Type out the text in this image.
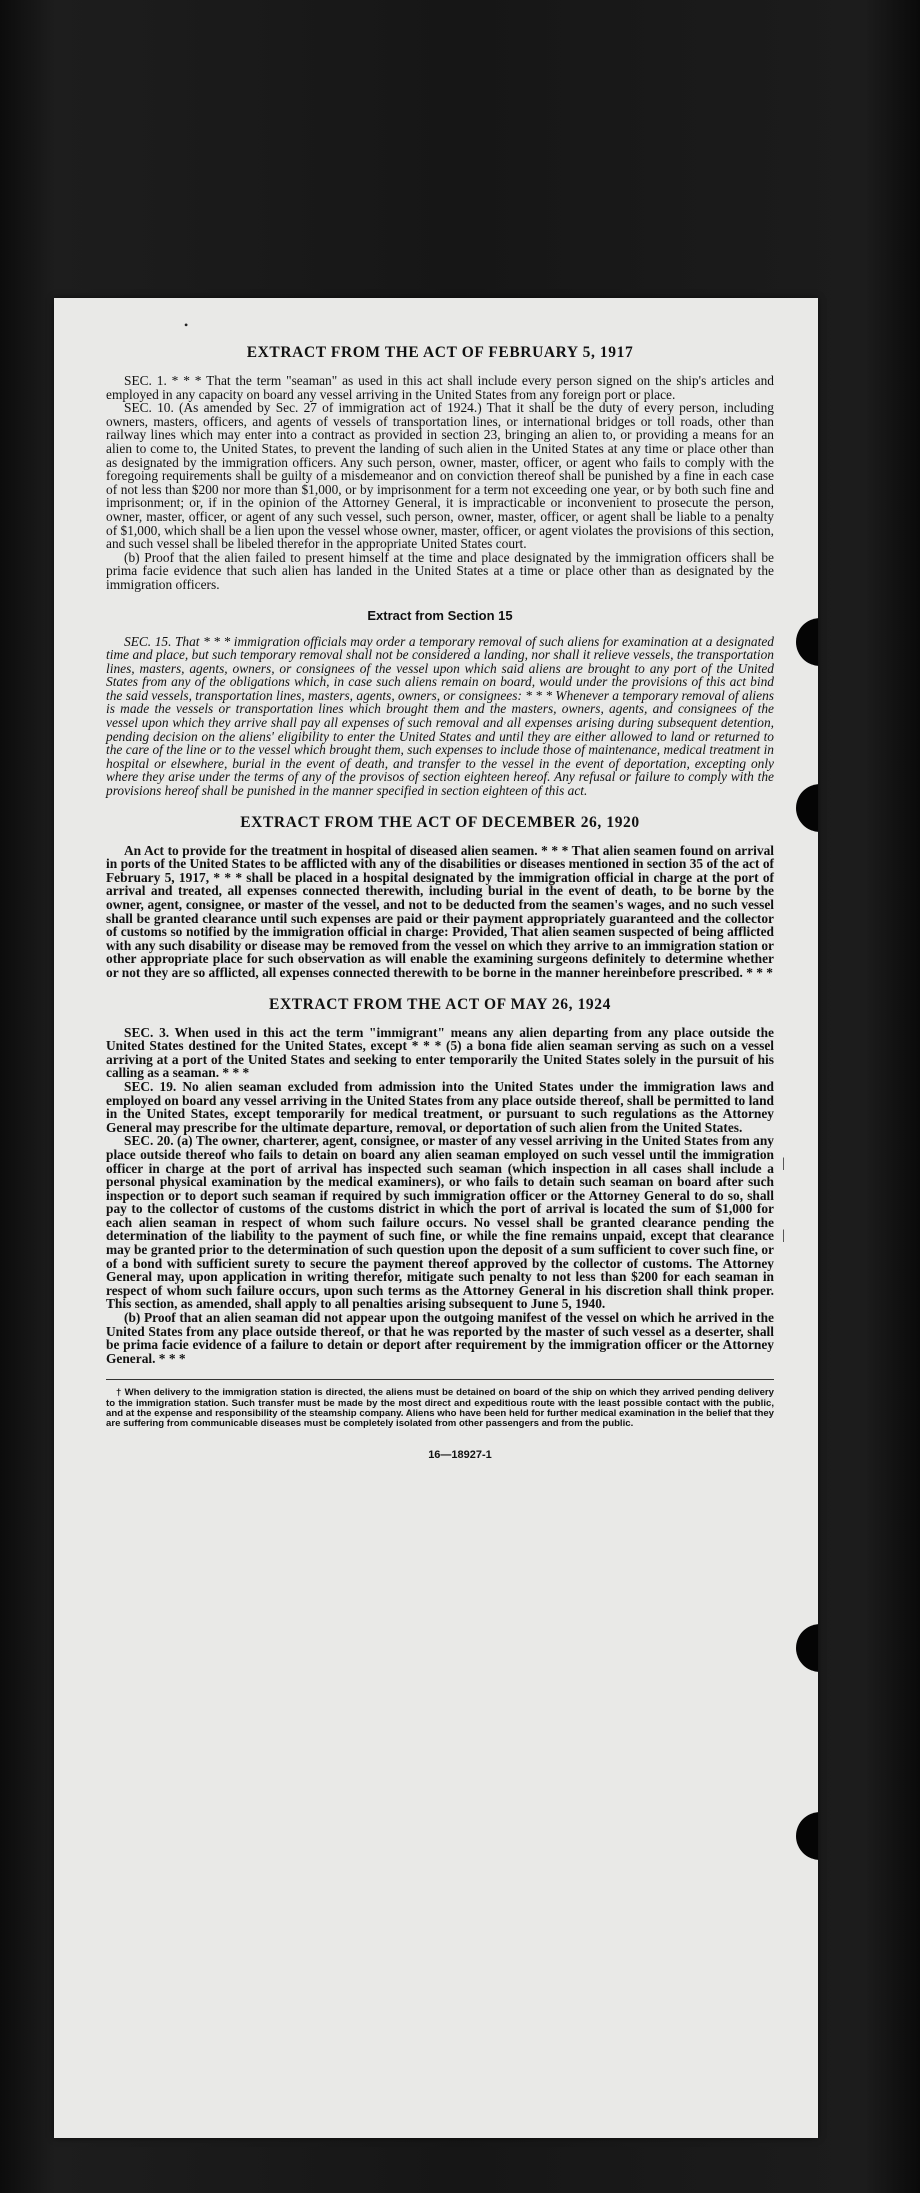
•
EXTRACT FROM THE ACT OF FEBRUARY 5, 1917

SEC. 1. * * * That the term "seaman" as used in this act shall include every person signed on the ship's articles and employed in any capacity on board any vessel arriving in the United States from any foreign port or place.

SEC. 10. (As amended by Sec. 27 of immigration act of 1924.) That it shall be the duty of every person, including owners, masters, officers, and agents of vessels of transportation lines, or international bridges or toll roads, other than railway lines which may enter into a contract as provided in section 23, bringing an alien to, or providing a means for an alien to come to, the United States, to prevent the landing of such alien in the United States at any time or place other than as designated by the immigration officers. Any such person, owner, master, officer, or agent who fails to comply with the foregoing requirements shall be guilty of a misdemeanor and on conviction thereof shall be punished by a fine in each case of not less than $200 nor more than $1,000, or by imprisonment for a term not exceeding one year, or by both such fine and imprisonment; or, if in the opinion of the Attorney General, it is impracticable or inconvenient to prosecute the person, owner, master, officer, or agent of any such vessel, such person, owner, master, officer, or agent shall be liable to a penalty of $1,000, which shall be a lien upon the vessel whose owner, master, officer, or agent violates the provisions of this section, and such vessel shall be libeled therefor in the appropriate United States court.

(b) Proof that the alien failed to present himself at the time and place designated by the immigration officers shall be prima facie evidence that such alien has landed in the United States at a time or place other than as designated by the immigration officers.

Extract from Section 15

SEC. 15. That * * * immigration officials may order a temporary removal of such aliens for examination at a designated time and place, but such temporary removal shall not be considered a landing, nor shall it relieve vessels, the transportation lines, masters, agents, owners, or consignees of the vessel upon which said aliens are brought to any port of the United States from any of the obligations which, in case such aliens remain on board, would under the provisions of this act bind the said vessels, transportation lines, masters, agents, owners, or consignees: * * * Whenever a temporary removal of aliens is made the vessels or transportation lines which brought them and the masters, owners, agents, and consignees of the vessel upon which they arrive shall pay all expenses of such removal and all expenses arising during subsequent detention, pending decision on the aliens' eligibility to enter the United States and until they are either allowed to land or returned to the care of the line or to the vessel which brought them, such expenses to include those of maintenance, medical treatment in hospital or elsewhere, burial in the event of death, and transfer to the vessel in the event of deportation, excepting only where they arise under the terms of any of the provisos of section eighteen hereof. Any refusal or failure to comply with the provisions hereof shall be punished in the manner specified in section eighteen of this act.

EXTRACT FROM THE ACT OF DECEMBER 26, 1920

An Act to provide for the treatment in hospital of diseased alien seamen. * * * That alien seamen found on arrival in ports of the United States to be afflicted with any of the disabilities or diseases mentioned in section 35 of the act of February 5, 1917, * * * shall be placed in a hospital designated by the immigration official in charge at the port of arrival and treated, all expenses connected therewith, including burial in the event of death, to be borne by the owner, agent, consignee, or master of the vessel, and not to be deducted from the seamen's wages, and no such vessel shall be granted clearance until such expenses are paid or their payment appropriately guaranteed and the collector of customs so notified by the immigration official in charge: Provided, That alien seamen suspected of being afflicted with any such disability or disease may be removed from the vessel on which they arrive to an immigration station or other appropriate place for such observation as will enable the examining surgeons definitely to determine whether or not they are so afflicted, all expenses connected therewith to be borne in the manner hereinbefore prescribed. * * *

EXTRACT FROM THE ACT OF MAY 26, 1924

SEC. 3. When used in this act the term "immigrant" means any alien departing from any place outside the United States destined for the United States, except * * * (5) a bona fide alien seaman serving as such on a vessel arriving at a port of the United States and seeking to enter temporarily the United States solely in the pursuit of his calling as a seaman. * * *

SEC. 19. No alien seaman excluded from admission into the United States under the immigration laws and employed on board any vessel arriving in the United States from any place outside thereof, shall be permitted to land in the United States, except temporarily for medical treatment, or pursuant to such regulations as the Attorney General may prescribe for the ultimate departure, removal, or deportation of such alien from the United States.

SEC. 20. (a) The owner, charterer, agent, consignee, or master of any vessel arriving in the United States from any place outside thereof who fails to detain on board any alien seaman employed on such vessel until the immigration officer in charge at the port of arrival has inspected such seaman (which inspection in all cases shall include a personal physical examination by the medical examiners), or who fails to detain such seaman on board after such inspection or to deport such seaman if required by such immigration officer or the Attorney General to do so, shall pay to the collector of customs of the customs district in which the port of arrival is located the sum of $1,000 for each alien seaman in respect of whom such failure occurs. No vessel shall be granted clearance pending the determination of the liability to the payment of such fine, or while the fine remains unpaid, except that clearance may be granted prior to the determination of such question upon the deposit of a sum sufficient to cover such fine, or of a bond with sufficient surety to secure the payment thereof approved by the collector of customs. The Attorney General may, upon application in writing therefor, mitigate such penalty to not less than $200 for each seaman in respect of whom such failure occurs, upon such terms as the Attorney General in his discretion shall think proper. This section, as amended, shall apply to all penalties arising subsequent to June 5, 1940.

(b) Proof that an alien seaman did not appear upon the outgoing manifest of the vessel on which he arrived in the United States from any place outside thereof, or that he was reported by the master of such vessel as a deserter, shall be prima facie evidence of a failure to detain or deport after requirement by the immigration officer or the Attorney General. * * *

† When delivery to the immigration station is directed, the aliens must be detained on board of the ship on which they arrived pending delivery to the immigration station. Such transfer must be made by the most direct and expeditious route with the least possible contact with the public, and at the expense and responsibility of the steamship company. Aliens who have been held for further medical examination in the belief that they are suffering from communicable diseases must be completely isolated from other passengers and from the public.

16—18927-1
|
|
